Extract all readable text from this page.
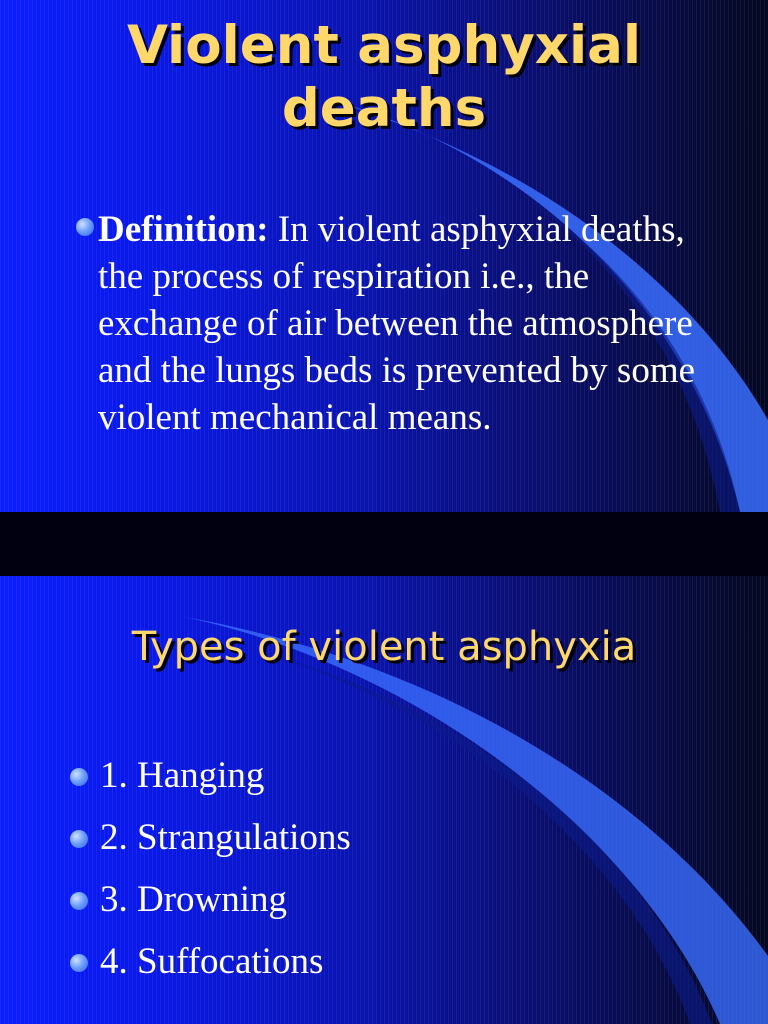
Violent asphyxial
deaths
Definition: In violent asphyxial deaths, the process of respiration i.e., the exchange of air between the atmosphere and the lungs beds is prevented by some violent mechanical means.
Types of violent asphyxia
1. Hanging
2. Strangulations
3. Drowning
4. Suffocations
